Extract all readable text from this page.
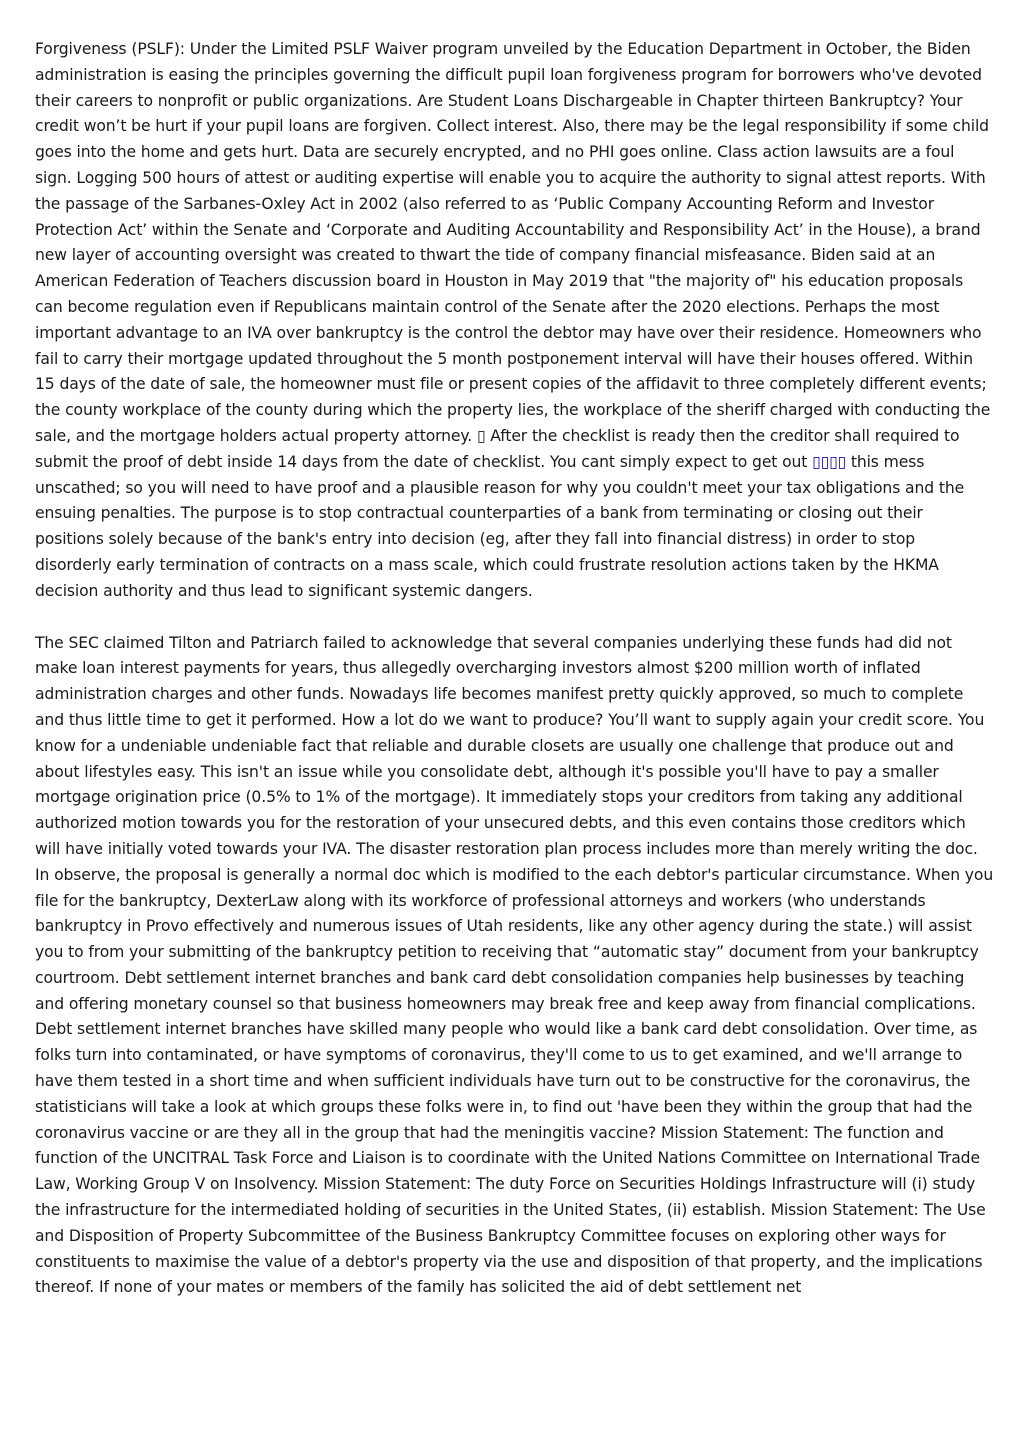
Forgiveness (PSLF): Under the Limited PSLF Waiver program unveiled by the Education Department in October, the Biden administration is easing the principles governing the difficult pupil loan forgiveness program for borrowers who've devoted their careers to nonprofit or public organizations. Are Student Loans Dischargeable in Chapter thirteen Bankruptcy? Your credit won’t be hurt if your pupil loans are forgiven. Collect interest. Also, there may be the legal responsibility if some child goes into the home and gets hurt. Data are securely encrypted, and no PHI goes online. Class action lawsuits are a foul sign. Logging 500 hours of attest or auditing expertise will enable you to acquire the authority to signal attest reports. With the passage of the Sarbanes-Oxley Act in 2002 (also referred to as ‘Public Company Accounting Reform and Investor Protection Act’ within the Senate and ‘Corporate and Auditing Accountability and Responsibility Act’ in the House), a brand new layer of accounting oversight was created to thwart the tide of company financial misfeasance. Biden said at an American Federation of Teachers discussion board in Houston in May 2019 that "the majority of" his education proposals can become regulation even if Republicans maintain control of the Senate after the 2020 elections. Perhaps the most important advantage to an IVA over bankruptcy is the control the debtor may have over their residence. Homeowners who fail to carry their mortgage updated throughout the 5 month postponement interval will have their houses offered. Within 15 days of the date of sale, the homeowner must file or present copies of the affidavit to three completely different events; the county workplace of the county during which the property lies, the workplace of the sheriff charged with conducting the sale, and the mortgage holders actual property attorney. ▯ After the checklist is ready then the creditor shall required to submit the proof of debt inside 14 days from the date of checklist. You cant simply expect to get out ▯▯▯▯ this mess unscathed; so you will need to have proof and a plausible reason for why you couldn't meet your tax obligations and the ensuing penalties. The purpose is to stop contractual counterparties of a bank from terminating or closing out their positions solely because of the bank's entry into decision (eg, after they fall into financial distress) in order to stop disorderly early termination of contracts on a mass scale, which could frustrate resolution actions taken by the HKMA decision authority and thus lead to significant systemic dangers.

The SEC claimed Tilton and Patriarch failed to acknowledge that several companies underlying these funds had did not make loan interest payments for years, thus allegedly overcharging investors almost $200 million worth of inflated administration charges and other funds. Nowadays life becomes manifest pretty quickly approved, so much to complete and thus little time to get it performed. How a lot do we want to produce? You’ll want to supply again your credit score. You know for a undeniable undeniable fact that reliable and durable closets are usually one challenge that produce out and about lifestyles easy. This isn't an issue while you consolidate debt, although it's possible you'll have to pay a smaller mortgage origination price (0.5% to 1% of the mortgage). It immediately stops your creditors from taking any additional authorized motion towards you for the restoration of your unsecured debts, and this even contains those creditors which will have initially voted towards your IVA. The disaster restoration plan process includes more than merely writing the doc. In observe, the proposal is generally a normal doc which is modified to the each debtor's particular circumstance. When you file for the bankruptcy, DexterLaw along with its workforce of professional attorneys and workers (who understands bankruptcy in Provo effectively and numerous issues of Utah residents, like any other agency during the state.) will assist you to from your submitting of the bankruptcy petition to receiving that “automatic stay” document from your bankruptcy courtroom. Debt settlement internet branches and bank card debt consolidation companies help businesses by teaching and offering monetary counsel so that business homeowners may break free and keep away from financial complications. Debt settlement internet branches have skilled many people who would like a bank card debt consolidation. Over time, as folks turn into contaminated, or have symptoms of coronavirus, they'll come to us to get examined, and we'll arrange to have them tested in a short time and when sufficient individuals have turn out to be constructive for the coronavirus, the statisticians will take a look at which groups these folks were in, to find out 'have been they within the group that had the coronavirus vaccine or are they all in the group that had the meningitis vaccine? Mission Statement: The function and function of the UNCITRAL Task Force and Liaison is to coordinate with the United Nations Committee on International Trade Law, Working Group V on Insolvency. Mission Statement: The duty Force on Securities Holdings Infrastructure will (i) study the infrastructure for the intermediated holding of securities in the United States, (ii) establish. Mission Statement: The Use and Disposition of Property Subcommittee of the Business Bankruptcy Committee focuses on exploring other ways for constituents to maximise the value of a debtor's property via the use and disposition of that property, and the implications thereof. If none of your mates or members of the family has solicited the aid of debt settlement net
